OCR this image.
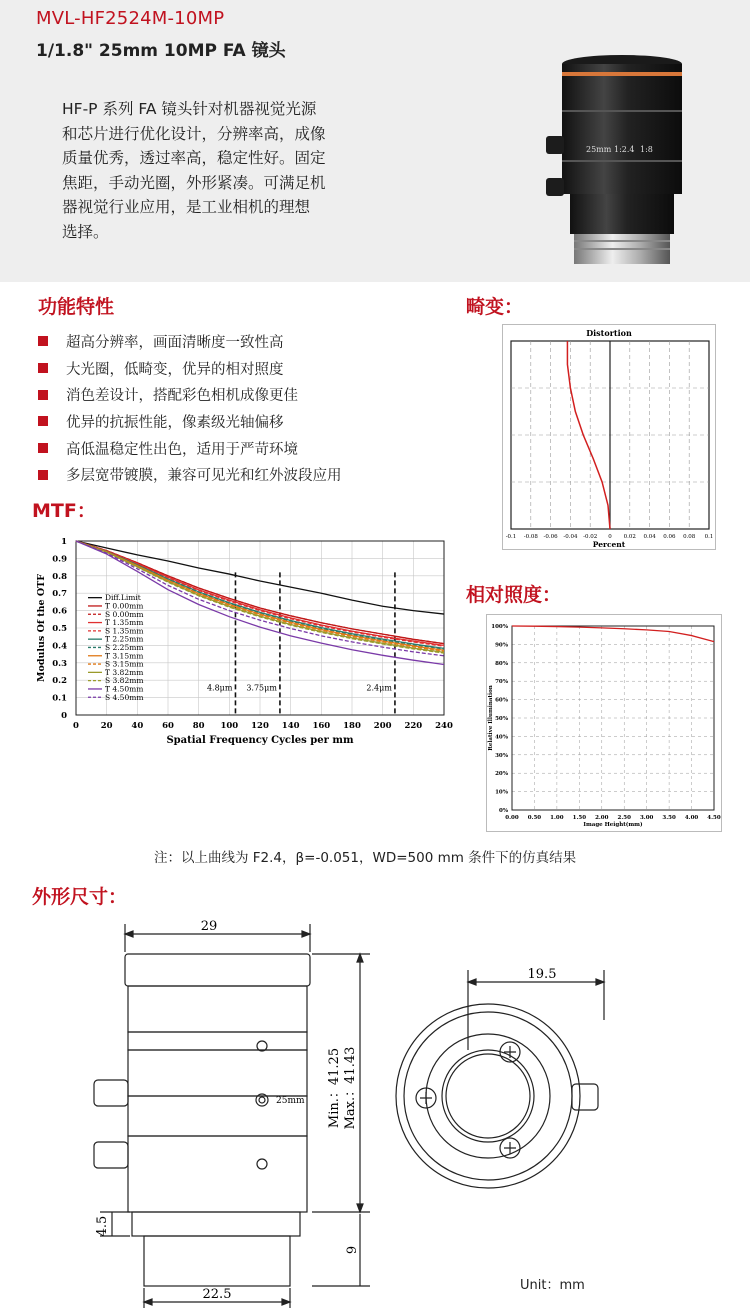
MVL-HF2524M-10MP
1/1.8" 25mm 10MP FA 镜头
HF-P 系列 FA 镜头针对机器视觉光源
和芯片进行优化设计，分辨率高，成像
质量优秀，透过率高，稳定性好。固定
焦距，手动光圈，外形紧凑。可满足机
器视觉行业应用，是工业相机的理想
选择。
25mm 1:2.4 1:8
功能特性
超高分辨率，画面清晰度一致性高
大光圈，低畸变，优异的相对照度
消色差设计，搭配彩色相机成像更佳
优异的抗振性能，像素级光轴偏移
高低温稳定性出色，适用于严苛环境
多层宽带镀膜，兼容可见光和红外波段应用
畸变：
Distortion
-0.1 -0.08 -0.06 -0.04 -0.02 0 0.02 0.04 0.06 0.08 0.1
Percent
MTF：
0
0.1
0.2
0.3
0.4
0.5
0.6
0.7
0.8
0.9
1
0	20 40 60 80 100 120 140 160 180 200 220 240
4.8μm 3.75μm	2.4μm
Diff.Limit
T 0.00mm
S 0.00mm
T 1.35mm
S 1.35mm
T 2.25mm
S 2.25mm
T 3.15mm
S 3.15mm
T 3.82mm
S 3.82mm
T 4.50mm
S 4.50mm
Spatial Frequency Cycles per mm
Modulus Of the OTF	相对照度：
0%
10%
20%
30%
40%
50%
60%
70%
80%
90%
100%
0.00 0.50 1.00 1.50 2.00 2.50 3.00 3.50 4.00 4.50
Image Height(mm)
Relative Illumination
注：以上曲线为 F2.4，β=-0.051，WD=500 mm 条件下的仿真结果
外形尺寸：
29
25mm Min.：41.25 Max.：41.43
4.5
9
22.5
19.5
Unit：mm
